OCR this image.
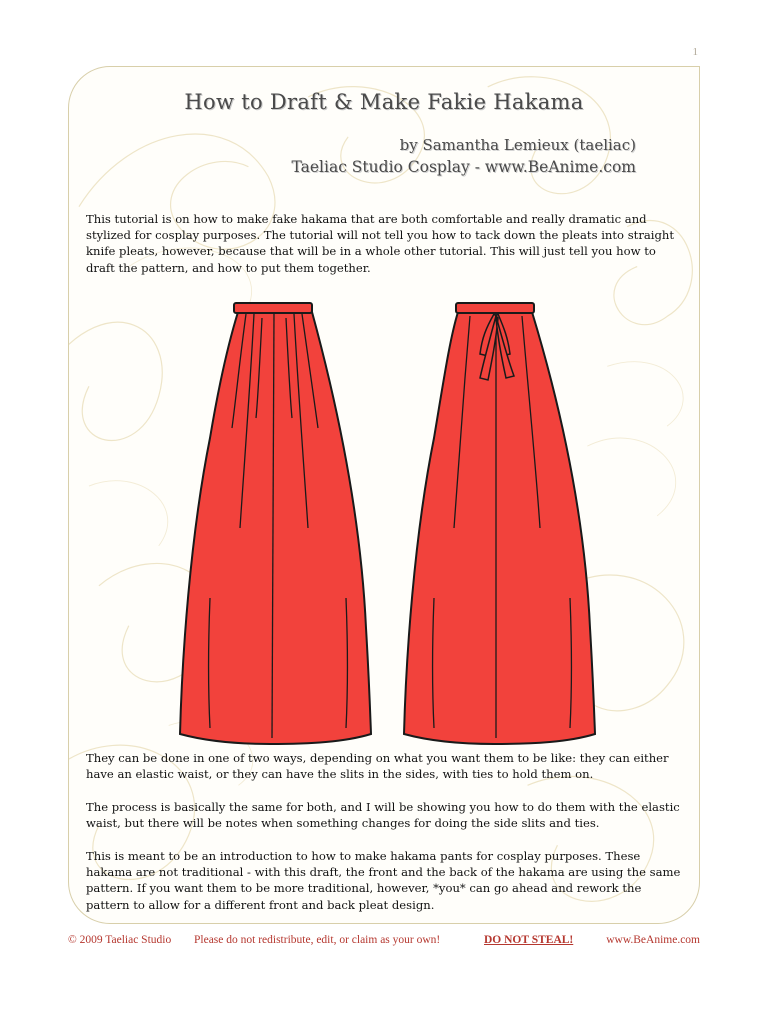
1
How to Draft & Make Fakie Hakama
by Samantha Lemieux (taeliac)
Taeliac Studio Cosplay - www.BeAnime.com
This tutorial is on how to make fake hakama that are both comfortable and really dramatic and stylized for cosplay purposes. The tutorial will not tell you how to tack down the pleats into straight knife pleats, however, because that will be in a whole other tutorial. This will just tell you how to draft the pattern, and how to put them together.
They can be done in one of two ways, depending on what you want them to be like: they can either have an elastic waist, or they can have the slits in the sides, with ties to hold them on.
The process is basically the same for both, and I will be showing you how to do them with the elastic waist, but there will be notes when something changes for doing the side slits and ties.
This is meant to be an introduction to how to make hakama pants for cosplay purposes. These hakama are not traditional - with this draft, the front and the back of the hakama are using the same pattern. If you want them to be more traditional, however, *you* can go ahead and rework the pattern to allow for a different front and back pleat design.
© 2009 Taeliac Studio Please do not redistribute, edit, or claim as your own!	DO NOT STEAL!	www.BeAnime.com
